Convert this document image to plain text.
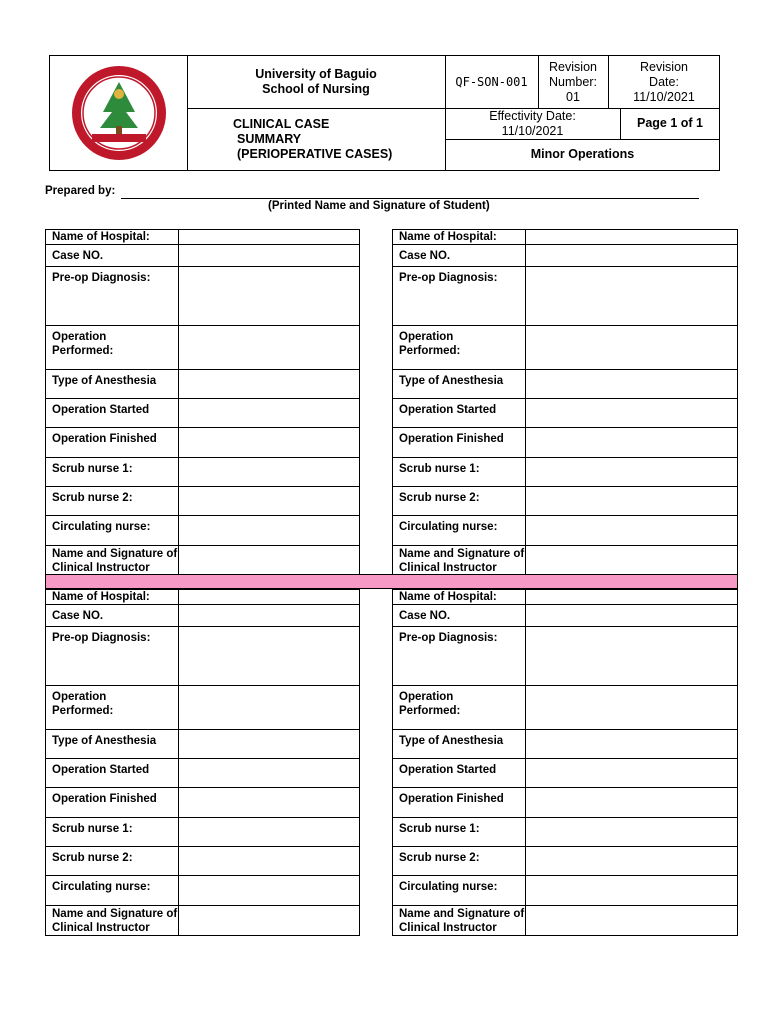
University of Baguio
School of Nursing
QF-SON-001
Revision Number:
01
Revision Date:
11/10/2021
CLINICAL CASE
SUMMARY
(PERIOPERATIVE CASES)
Effectivity Date:
11/10/2021
Page 1 of 1
Minor Operations
Prepared by:
(Printed Name and Signature of Student)
Name of Hospital:
Case NO.
Pre-op Diagnosis:
Operation Performed:
Type of Anesthesia
Operation Started
Operation Finished
Scrub nurse 1:
Scrub nurse 2:
Circulating nurse:
Name and Signature of Clinical Instructor
Name of Hospital:
Case NO.
Pre-op Diagnosis:
Operation Performed:
Type of Anesthesia
Operation Started
Operation Finished
Scrub nurse 1:
Scrub nurse 2:
Circulating nurse:
Name and Signature of Clinical Instructor
Name of Hospital:
Case NO.
Pre-op Diagnosis:
Operation Performed:
Type of Anesthesia
Operation Started
Operation Finished
Scrub nurse 1:
Scrub nurse 2:
Circulating nurse:
Name and Signature of Clinical Instructor
Name of Hospital:
Case NO.
Pre-op Diagnosis:
Operation Performed:
Type of Anesthesia
Operation Started
Operation Finished
Scrub nurse 1:
Scrub nurse 2:
Circulating nurse:
Name and Signature of Clinical Instructor
